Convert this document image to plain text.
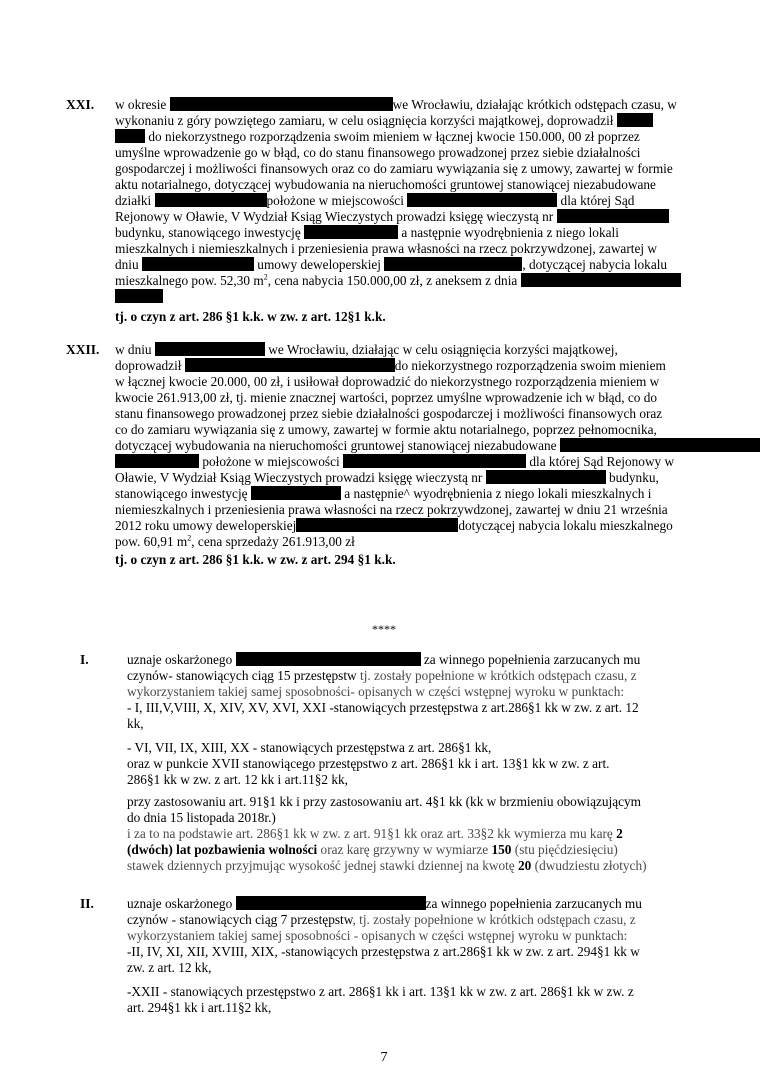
XXI. w okresie	we Wrocławiu, działając krótkich odstępach czasu, w
wykonaniu z góry powziętego zamiaru, w celu osiągnięcia korzyści majątkowej, doprowadził
do niekorzystnego rozporządzenia swoim mieniem w łącznej kwocie 150.000, 00 zł poprzez
umyślne wprowadzenie go w błąd, co do stanu finansowego prowadzonej przez siebie działalności
gospodarczej i możliwości finansowych oraz co do zamiaru wywiązania się z umowy, zawartej w formie
aktu notarialnego, dotyczącej wybudowania na nieruchomości gruntowej stanowiącej niezabudowane
działki	położone w miejscowości	dla której Sąd
Rejonowy w Oławie, V Wydział Ksiąg Wieczystych prowadzi księgę wieczystą nr
budynku, stanowiącego inwestycję	a następnie wyodrębnienia z niego lokali
mieszkalnych i niemieszkalnych i przeniesienia prawa własności na rzecz pokrzywdzonej, zawartej w
dniu	umowy deweloperskiej	, dotyczącej nabycia lokalu
mieszkalnego pow. 52,30 $m^2$, cena nabycia 150.000,00 zł, z aneksem z dnia
tj. o czyn z art. 286 §1 k.k. w zw. z art. 12§1 k.k.
XXII. w dniu	we Wrocławiu, działając w celu osiągnięcia korzyści majątkowej,
doprowadził	do niekorzystnego rozporządzenia swoim mieniem
w łącznej kwocie 20.000, 00 zł, i usiłował doprowadzić do niekorzystnego rozporządzenia mieniem w
kwocie 261.913,00 zł, tj. mienie znacznej wartości, poprzez umyślne wprowadzenie ich w błąd, co do
stanu finansowego prowadzonej przez siebie działalności gospodarczej i możliwości finansowych oraz
co do zamiaru wywiązania się z umowy, zawartej w formie aktu notarialnego, poprzez pełnomocnika,
dotyczącej wybudowania na nieruchomości gruntowej stanowiącej niezabudowane
położone w miejscowości	dla której Sąd Rejonowy w
Oławie, V Wydział Ksiąg Wieczystych prowadzi księgę wieczystą nr	budynku,
stanowiącego inwestycję	a następnie^ wyodrębnienia z niego lokali mieszkalnych i
niemieszkalnych i przeniesienia prawa własności na rzecz pokrzywdzonej, zawartej w dniu 21 września
2012 roku umowy deweloperskiej	dotyczącej nabycia lokalu mieszkalnego
pow. 60,91 $m^2$, cena sprzedaży 261.913,00 zł
tj. o czyn z art. 286 §1 k.k. w zw. z art. 294 §1 k.k.
****
I.	uznaje oskarżonego	za winnego popełnienia zarzucanych mu
czynów- stanowiących ciąg 15 przestępstw tj. zostały popełnione w krótkich odstępach czasu, z
wykorzystaniem takiej samej sposobności- opisanych w części wstępnej wyroku w punktach:
- I, III,V,VIII, X, XIV, XV, XVI, XXI -stanowiących przestępstwa z art.286§1 kk w zw. z art. 12
kk,
- VI, VII, IX, XIII, XX - stanowiących przestępstwa z art. 286§1 kk,
oraz w punkcie XVII stanowiącego przestępstwo z art. 286§1 kk i art. 13§1 kk w zw. z art.
286§1 kk w zw. z art. 12 kk i art.11§2 kk,
przy zastosowaniu art. 91§1 kk i przy zastosowaniu art. 4§1 kk (kk w brzmieniu obowiązującym
do dnia 15 listopada 2018r.)
i za to na podstawie art. 286§1 kk w zw. z art. 91§1 kk oraz art. 33§2 kk wymierza mu karę 2
(dwóch) lat pozbawienia wolności oraz karę grzywny w wymiarze 150 (stu pięćdziesięciu)
stawek dziennych przyjmując wysokość jednej stawki dziennej na kwotę 20 (dwudziestu złotych)
II. uznaje oskarżonego	za winnego popełnienia zarzucanych mu
czynów - stanowiących ciąg 7 przestępstw, tj. zostały popełnione w krótkich odstępach czasu, z
wykorzystaniem takiej samej sposobności - opisanych w części wstępnej wyroku w punktach:
-II, IV, XI, XII, XVIII, XIX, -stanowiących przestępstwa z art.286§1 kk w zw. z art. 294§1 kk w
zw. z art. 12 kk,
-XXII - stanowiących przestępstwo z art. 286§1 kk i art. 13§1 kk w zw. z art. 286§1 kk w zw. z
art. 294§1 kk i art.11§2 kk,
7
